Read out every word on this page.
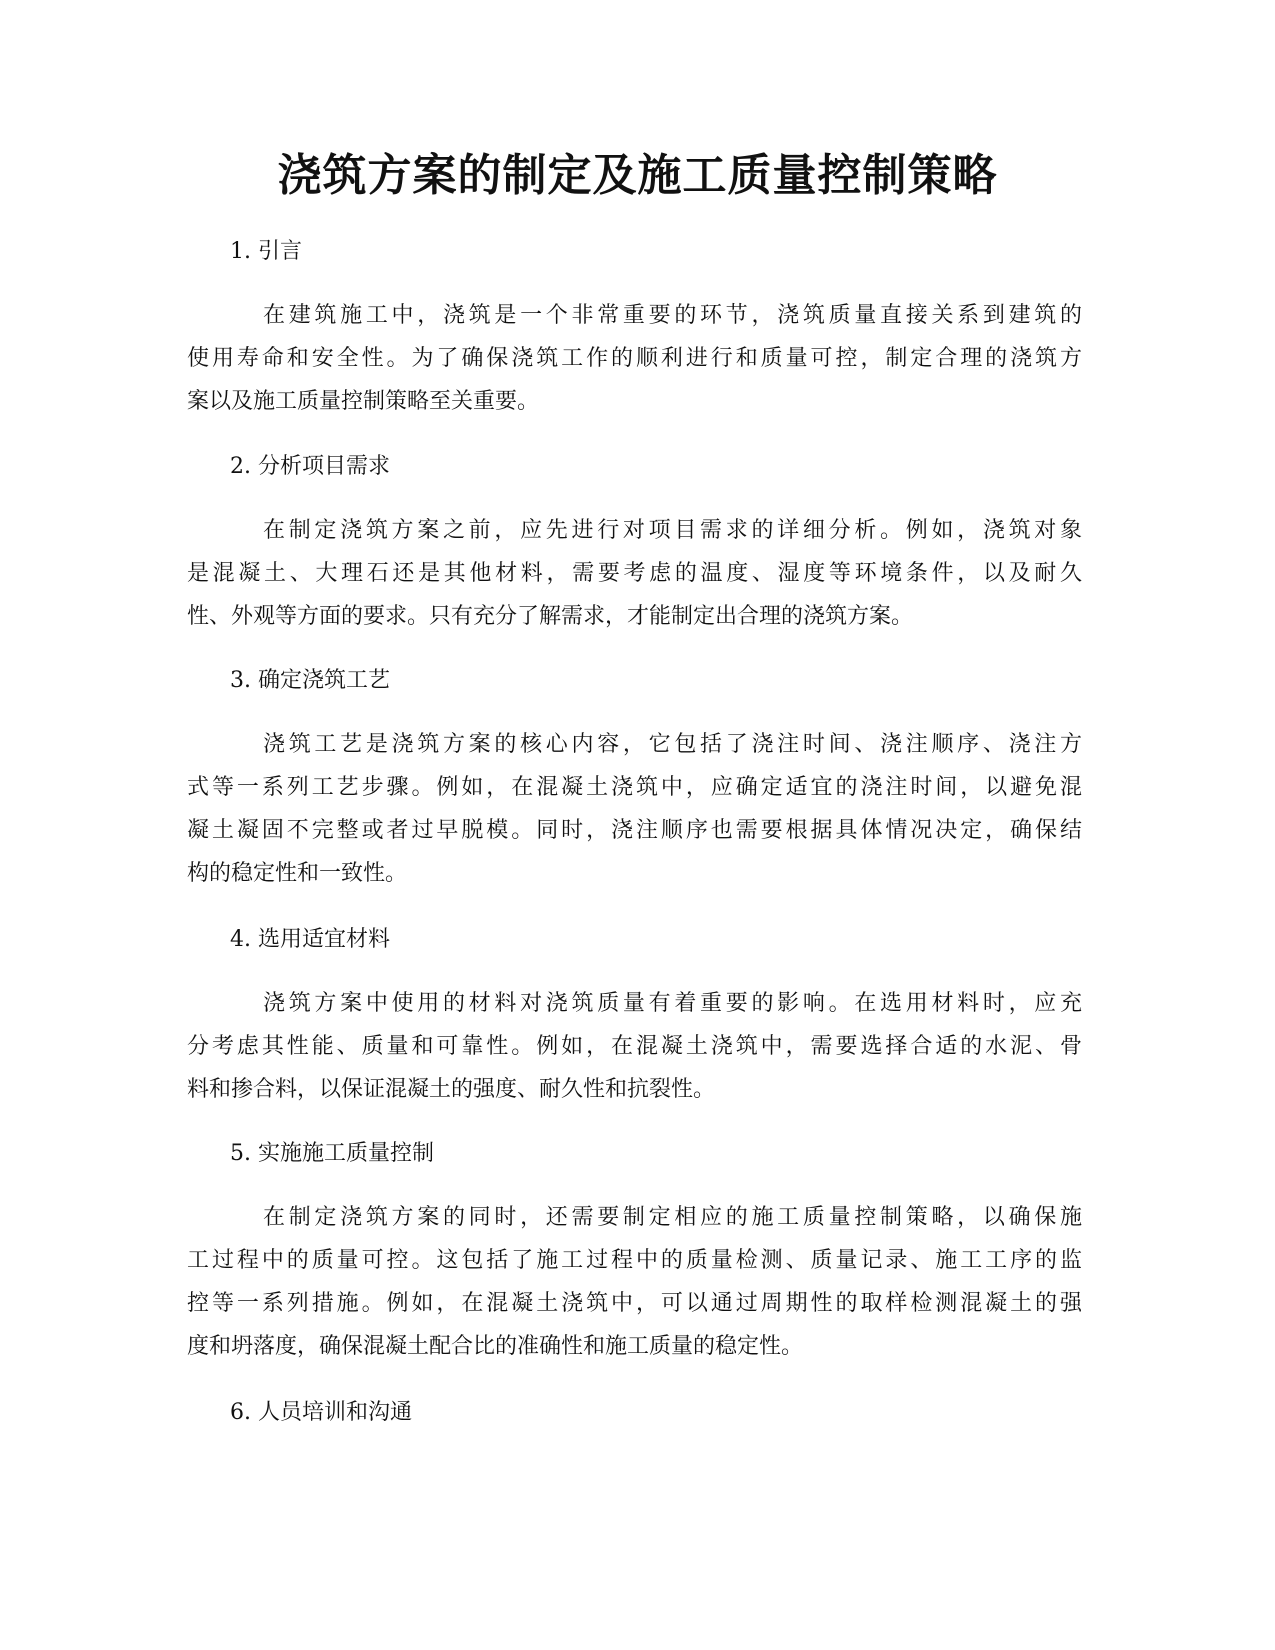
浇筑方案的制定及施工质量控制策略
1. 引言
在建筑施工中，浇筑是一个非常重要的环节，浇筑质量直接关系到建筑的
使用寿命和安全性。为了确保浇筑工作的顺利进行和质量可控，制定合理的浇筑方
案以及施工质量控制策略至关重要。
2. 分析项目需求
在制定浇筑方案之前，应先进行对项目需求的详细分析。例如，浇筑对象
是混凝土、大理石还是其他材料，需要考虑的温度、湿度等环境条件，以及耐久
性、外观等方面的要求。只有充分了解需求，才能制定出合理的浇筑方案。
3. 确定浇筑工艺
浇筑工艺是浇筑方案的核心内容，它包括了浇注时间、浇注顺序、浇注方
式等一系列工艺步骤。例如，在混凝土浇筑中，应确定适宜的浇注时间，以避免混
凝土凝固不完整或者过早脱模。同时，浇注顺序也需要根据具体情况决定，确保结
构的稳定性和一致性。
4. 选用适宜材料
浇筑方案中使用的材料对浇筑质量有着重要的影响。在选用材料时，应充
分考虑其性能、质量和可靠性。例如，在混凝土浇筑中，需要选择合适的水泥、骨
料和掺合料，以保证混凝土的强度、耐久性和抗裂性。
5. 实施施工质量控制
在制定浇筑方案的同时，还需要制定相应的施工质量控制策略，以确保施
工过程中的质量可控。这包括了施工过程中的质量检测、质量记录、施工工序的监
控等一系列措施。例如，在混凝土浇筑中，可以通过周期性的取样检测混凝土的强
度和坍落度，确保混凝土配合比的准确性和施工质量的稳定性。
6. 人员培训和沟通
